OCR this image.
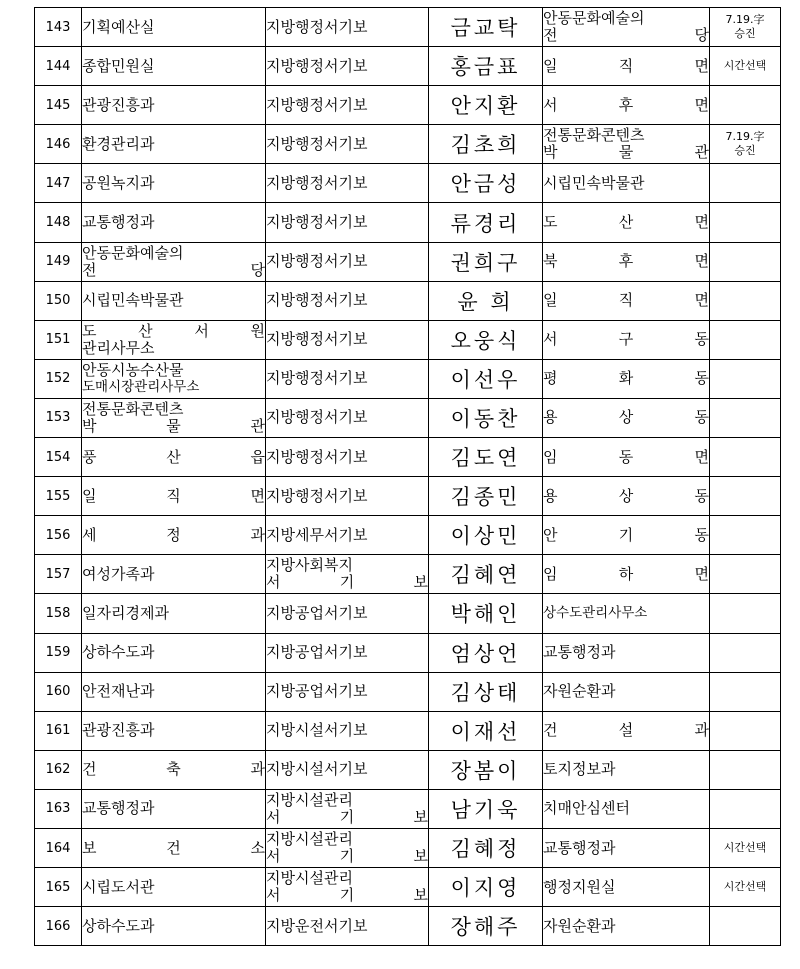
143	기획예산실	지방행정서기보	금교탁	안동문화예술의
전 당	7.19.字
승진

144	종합민원실	지방행정서기보	홍금표	일 직 면	시간선택

145	관광진흥과	지방행정서기보	안지환	서 후 면	

146	환경관리과	지방행정서기보	김초희	전통문화콘텐츠
박 물 관	7.19.字
승진

147	공원녹지과	지방행정서기보	안금성	시립민속박물관	

148	교통행정과	지방행정서기보	류경리	도 산 면	

149	안동문화예술의
전 당	지방행정서기보	권희구	북 후 면	

150	시립민속박물관	지방행정서기보	윤 희	일 직 면	

151	도 산 서 원
관리사무소	지방행정서기보	오웅식	서 구 동	

152	안동시농수산물
도매시장관리사무소	지방행정서기보	이선우	평 화 동	

153	전통문화콘텐츠
박 물 관	지방행정서기보	이동찬	용 상 동	

154	풍 산 읍	지방행정서기보	김도연	임 동 면	

155	일 직 면	지방행정서기보	김종민	용 상 동	

156	세 정 과	지방세무서기보	이상민	안 기 동	

157	여성가족과	지방사회복지
서 기 보	김혜연	임 하 면	

158	일자리경제과	지방공업서기보	박해인	상수도관리사무소	

159	상하수도과	지방공업서기보	엄상언	교통행정과	

160	안전재난과	지방공업서기보	김상태	자원순환과	

161	관광진흥과	지방시설서기보	이재선	건 설 과	

162	건 축 과	지방시설서기보	장봄이	토지정보과	

163	교통행정과	지방시설관리
서 기 보	남기욱	치매안심센터	

164	보 건 소	지방시설관리
서 기 보	김혜정	교통행정과	시간선택

165	시립도서관	지방시설관리
서 기 보	이지영	행정지원실	시간선택

166	상하수도과	지방운전서기보	장해주	자원순환과	
